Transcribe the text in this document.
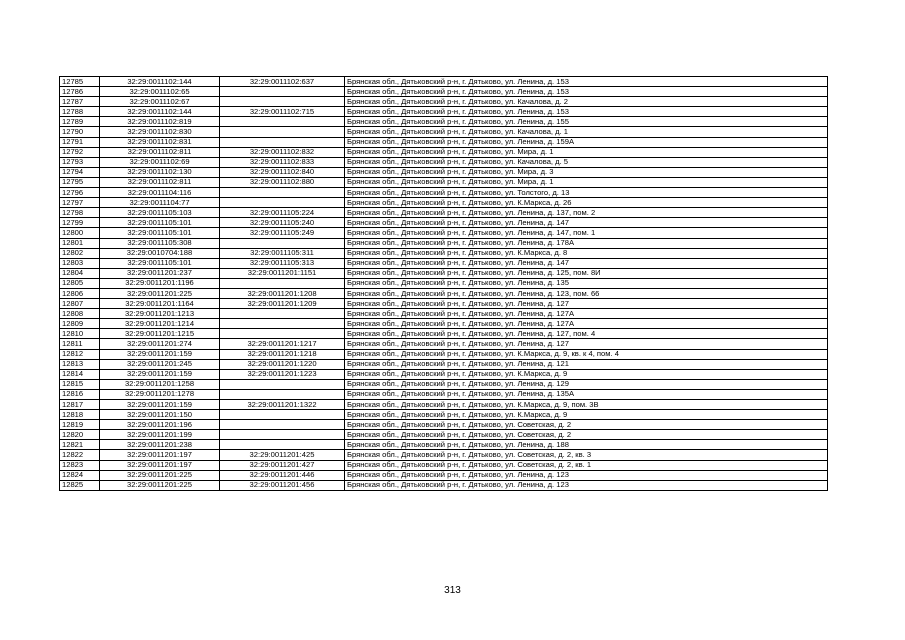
12785	32:29:0011102:144	32:29:0011102:637	Брянская обл., Дятьковский р-н, г. Дятьково, ул. Ленина, д. 153
12786	32:29:0011102:65		Брянская обл., Дятьковский р-н, г. Дятьково, ул. Ленина, д. 153
12787	32:29:0011102:67		Брянская обл., Дятьковский р-н, г. Дятьково, ул. Качалова, д. 2
12788	32:29:0011102:144	32:29:0011102:715	Брянская обл., Дятьковский р-н, г. Дятьково, ул. Ленина, д. 153
12789	32:29:0011102:819		Брянская обл., Дятьковский р-н, г. Дятьково, ул. Ленина, д. 155
12790	32:29:0011102:830		Брянская обл., Дятьковский р-н, г. Дятьково, ул. Качалова, д. 1
12791	32:29:0011102:831		Брянская обл., Дятьковский р-н, г. Дятьково, ул. Ленина, д. 159А
12792	32:29:0011102:811	32:29:0011102:832	Брянская обл., Дятьковский р-н, г. Дятьково, ул. Мира, д. 1
12793	32:29:0011102:69	32:29:0011102:833	Брянская обл., Дятьковский р-н, г. Дятьково, ул. Качалова, д. 5
12794	32:29:0011102:130	32:29:0011102:840	Брянская обл., Дятьковский р-н, г. Дятьково, ул. Мира, д. 3
12795	32:29:0011102:811	32:29:0011102:880	Брянская обл., Дятьковский р-н, г. Дятьково, ул. Мира, д. 1
12796	32:29:0011104:116		Брянская обл., Дятьковский р-н, г. Дятьково, ул. Толстого, д. 13
12797	32:29:0011104:77		Брянская обл., Дятьковский р-н, г. Дятьково, ул. К.Маркса, д. 26
12798	32:29:0011105:103	32:29:0011105:224	Брянская обл., Дятьковский р-н, г. Дятьково, ул. Ленина, д. 137, пом. 2
12799	32:29:0011105:101	32:29:0011105:240	Брянская обл., Дятьковский р-н, г. Дятьково, ул. Ленина, д. 147
12800	32:29:0011105:101	32:29:0011105:249	Брянская обл., Дятьковский р-н, г. Дятьково, ул. Ленина, д. 147, пом. 1
12801	32:29:0011105:308		Брянская обл., Дятьковский р-н, г. Дятьково, ул. Ленина, д. 178А
12802	32:29:0010704:188	32:29:0011105:311	Брянская обл., Дятьковский р-н, г. Дятьково, ул. К.Маркса, д. 8
12803	32:29:0011105:101	32:29:0011105:313	Брянская обл., Дятьковский р-н, г. Дятьково, ул. Ленина, д. 147
12804	32:29:0011201:237	32:29:0011201:1151	Брянская обл., Дятьковский р-н, г. Дятьково, ул. Ленина, д. 125, пом. 8И
12805	32:29:0011201:1196		Брянская обл., Дятьковский р-н, г. Дятьково, ул. Ленина, д. 135
12806	32:29:0011201:225	32:29:0011201:1208	Брянская обл., Дятьковский р-н, г. Дятьково, ул. Ленина, д. 123, пом. 66
12807	32:29:0011201:1164	32:29:0011201:1209	Брянская обл., Дятьковский р-н, г. Дятьково, ул. Ленина, д. 127
12808	32:29:0011201:1213		Брянская обл., Дятьковский р-н, г. Дятьково, ул. Ленина, д. 127А
12809	32:29:0011201:1214		Брянская обл., Дятьковский р-н, г. Дятьково, ул. Ленина, д. 127А
12810	32:29:0011201:1215		Брянская обл., Дятьковский р-н, г. Дятьково, ул. Ленина, д. 127, пом. 4
12811	32:29:0011201:274	32:29:0011201:1217	Брянская обл., Дятьковский р-н, г. Дятьково, ул. Ленина, д. 127
12812	32:29:0011201:159	32:29:0011201:1218	Брянская обл., Дятьковский р-н, г. Дятьково, ул. К.Маркса, д. 9, кв. к 4, пом. 4
12813	32:29:0011201:245	32:29:0011201:1220	Брянская обл., Дятьковский р-н, г. Дятьково, ул. Ленина, д. 121
12814	32:29:0011201:159	32:29:0011201:1223	Брянская обл., Дятьковский р-н, г. Дятьково, ул. К.Маркса, д. 9
12815	32:29:0011201:1258		Брянская обл., Дятьковский р-н, г. Дятьково, ул. Ленина, д. 129
12816	32:29:0011201:1278		Брянская обл., Дятьковский р-н, г. Дятьково, ул. Ленина, д. 135А
12817	32:29:0011201:159	32:29:0011201:1322	Брянская обл., Дятьковский р-н, г. Дятьково, ул. К.Маркса, д. 9, пом. 3В
12818	32:29:0011201:150		Брянская обл., Дятьковский р-н, г. Дятьково, ул. К.Маркса, д. 9
12819	32:29:0011201:196		Брянская обл., Дятьковский р-н, г. Дятьково, ул. Советская, д. 2
12820	32:29:0011201:199		Брянская обл., Дятьковский р-н, г. Дятьково, ул. Советская, д. 2
12821	32:29:0011201:238		Брянская обл., Дятьковский р-н, г. Дятьково, ул. Ленина, д. 188
12822	32:29:0011201:197	32:29:0011201:425	Брянская обл., Дятьковский р-н, г. Дятьково, ул. Советская, д. 2, кв. 3
12823	32:29:0011201:197	32:29:0011201:427	Брянская обл., Дятьковский р-н, г. Дятьково, ул. Советская, д. 2, кв. 1
12824	32:29:0011201:225	32:29:0011201:446	Брянская обл., Дятьковский р-н, г. Дятьково, ул. Ленина, д. 123
12825	32:29:0011201:225	32:29:0011201:456	Брянская обл., Дятьковский р-н, г. Дятьково, ул. Ленина, д. 123
313
